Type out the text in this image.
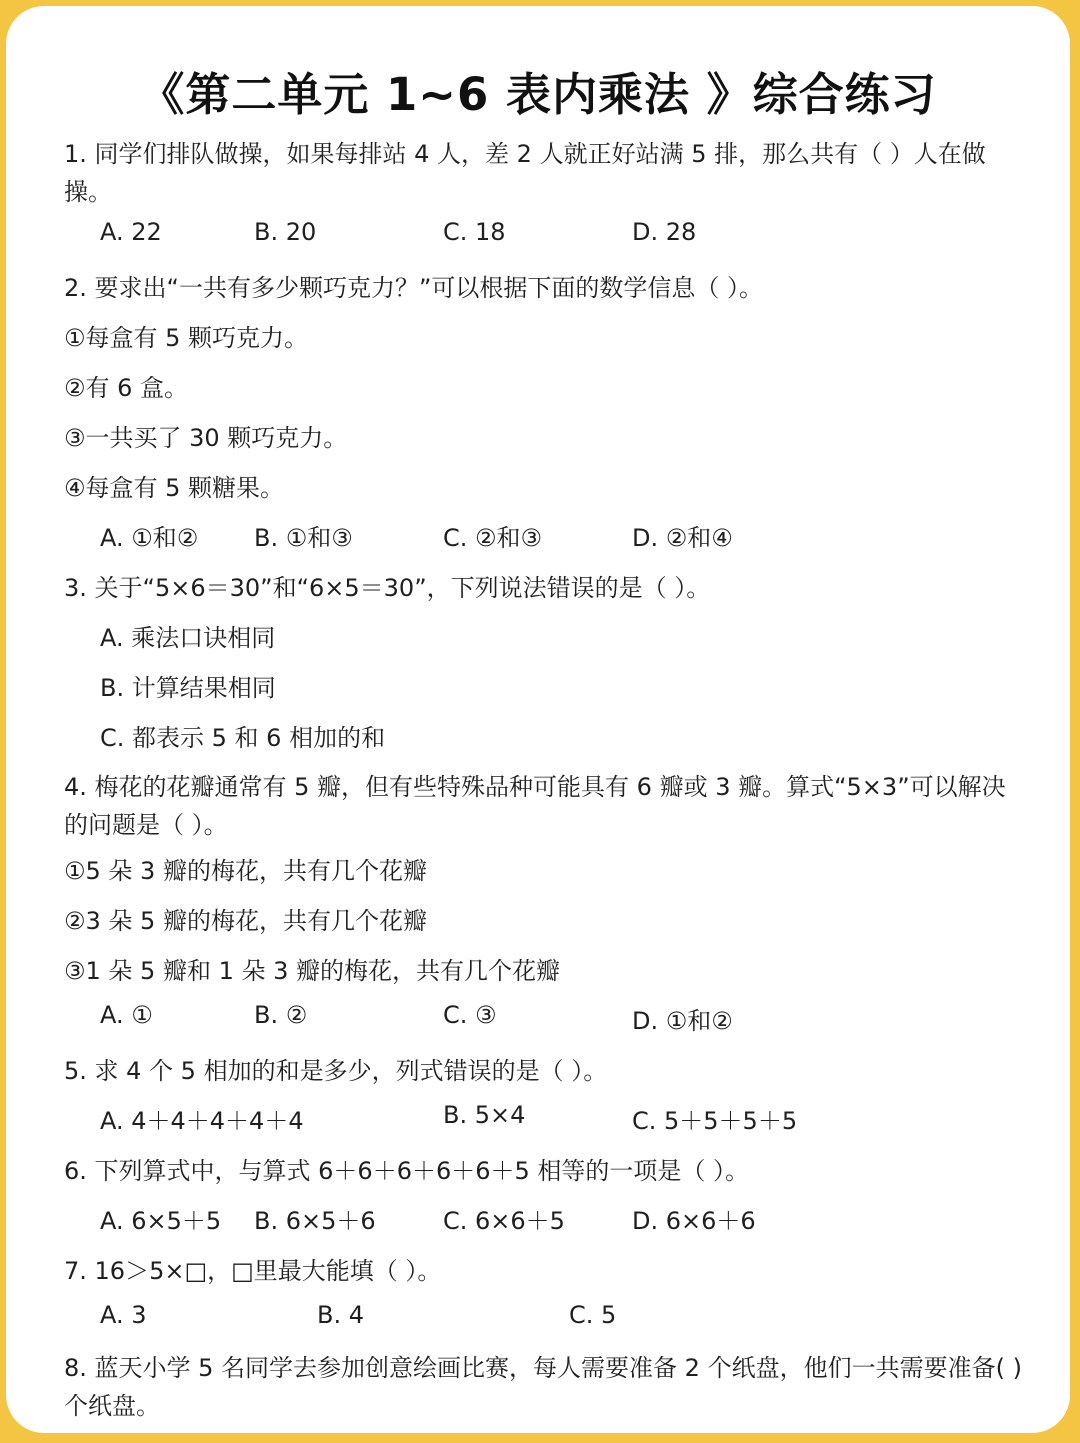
《第二单元 1~6 表内乘法 》综合练习
1. 同学们排队做操，如果每排站 4 人，差 2 人就正好站满 5 排，那么共有（ ）人在做操。
A. 22	B. 20	C. 18	D. 28
2. 要求出“一共有多少颗巧克力？”可以根据下面的数学信息（ ）。
①每盒有 5 颗巧克力。
②有 6 盒。
③一共买了 30 颗巧克力。
④每盒有 5 颗糖果。
A. ①和② B. ①和③	C. ②和③	D. ②和④
3. 关于“5×6＝30”和“6×5＝30”，下列说法错误的是（ ）。
A. 乘法口诀相同
B. 计算结果相同
C. 都表示 5 和 6 相加的和
4. 梅花的花瓣通常有 5 瓣，但有些特殊品种可能具有 6 瓣或 3 瓣。算式“5×3”可以解决的问题是（ ）。
①5 朵 3 瓣的梅花，共有几个花瓣
②3 朵 5 瓣的梅花，共有几个花瓣
③1 朵 5 瓣和 1 朵 3 瓣的梅花，共有几个花瓣
A. ①	B. ②	C. ③	D. ①和②
5. 求 4 个 5 相加的和是多少，列式错误的是（ ）。
A. 4＋4＋4＋4＋4	B. 5×4	C. 5＋5＋5＋5
6. 下列算式中，与算式 6＋6＋6＋6＋6＋5 相等的一项是（ ）。
A. 6×5＋5 B. 6×5＋6	C. 6×6＋5	D. 6×6＋6
7. 16＞5×□，□里最大能填（ ）。
A. 3	B. 4	C. 5
8. 蓝天小学 5 名同学去参加创意绘画比赛，每人需要准备 2 个纸盘，他们一共需要准备( )个纸盘。
